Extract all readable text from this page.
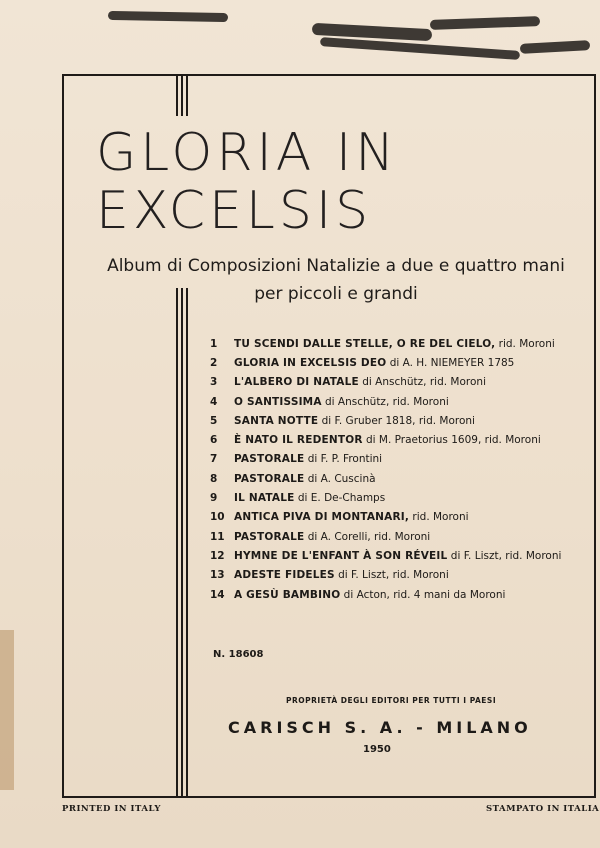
GLORIA IN
EXCELSIS
Album di Composizioni Natalizie a due e quattro mani
per piccoli e grandi
1	TU SCENDI DALLE STELLE, O RE DEL CIELO, rid. Moroni
2	GLORIA IN EXCELSIS DEO di A. H. NIEMEYER 1785
3	L'ALBERO DI NATALE di Anschütz, rid. Moroni
4	O SANTISSIMA di Anschütz, rid. Moroni
5	SANTA NOTTE di F. Gruber 1818, rid. Moroni
6	È NATO IL REDENTOR di M. Praetorius 1609, rid. Moroni
7	PASTORALE di F. P. Frontini
8	PASTORALE di A. Cuscinà
9	IL NATALE di E. De-Champs
10 ANTICA PIVA DI MONTANARI, rid. Moroni
11 PASTORALE di A. Corelli, rid. Moroni
12 HYMNE DE L'ENFANT À SON RÉVEIL di F. Liszt, rid. Moroni
13 ADESTE FIDELES di F. Liszt, rid. Moroni
14 A GESÙ BAMBINO di Acton, rid. 4 mani da Moroni
N. 18608
PROPRIETÀ DEGLI EDITORI PER TUTTI I PAESI
CARISCH S. A. - MILANO
1950
PRINTED IN ITALY	STAMPATO IN ITALIA
